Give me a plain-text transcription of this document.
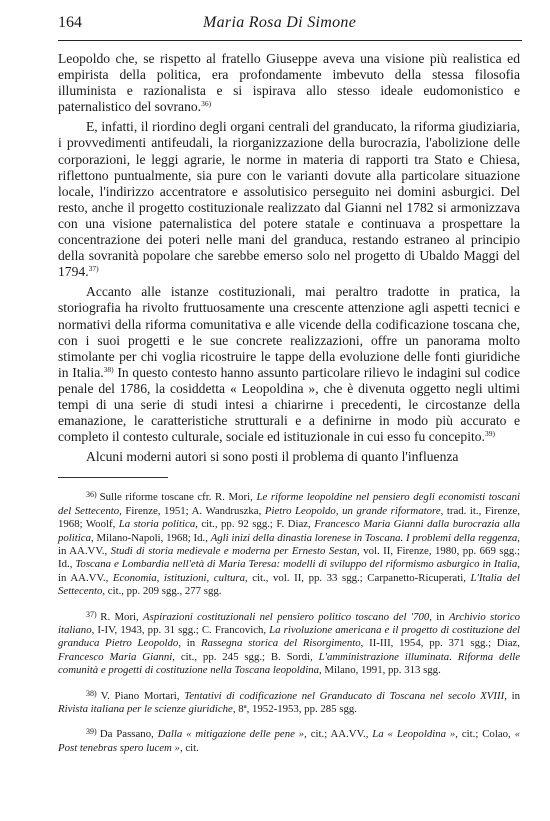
164	Maria Rosa Di Simone

Leopoldo che, se rispetto al fratello Giuseppe aveva una visione più realistica ed empirista della politica, era profondamente imbevuto della stessa filosofia illuminista e razionalista e si ispirava allo stesso ideale eudomonistico e paternalistico del sovrano.$^{36)}$

E, infatti, il riordino degli organi centrali del granducato, la riforma giudiziaria, i provvedimenti antifeudali, la riorganizzazione della burocrazia, l'abolizione delle corporazioni, le leggi agrarie, le norme in materia di rapporti tra Stato e Chiesa, riflettono puntualmente, sia pure con le varianti dovute alla particolare situazione locale, l'indirizzo accentratore e assolutisico perseguito nei domini asburgici. Del resto, anche il progetto costituzionale realizzato dal Gianni nel 1782 si armonizzava con una visione paternalistica del potere statale e continuava a prospettare la concentrazione dei poteri nelle mani del granduca, restando estraneo al principio della sovranità popolare che sarebbe emerso solo nel progetto di Ubaldo Maggi del 1794.$^{37)}$

Accanto alle istanze costituzionali, mai peraltro tradotte in pratica, la storiografia ha rivolto fruttuosamente una crescente attenzione agli aspetti tecnici e normativi della riforma comunitativa e alle vicende della codificazione toscana che, con i suoi progetti e le sue concrete realizzazioni, offre un panorama molto stimolante per chi voglia ricostruire le tappe della evoluzione delle fonti giuridiche in Italia.$^{38)}$ In questo contesto hanno assunto particolare rilievo le indagini sul codice penale del 1786, la cosiddetta « Leopoldina », che è divenuta oggetto negli ultimi tempi di una serie di studi intesi a chiarirne i precedenti, le circostanze della emanazione, le caratteristiche strutturali e a definirne in modo più accurato e completo il contesto culturale, sociale ed istituzionale in cui esso fu concepito.$^{39)}$

Alcuni moderni autori si sono posti il problema di quanto l'influenza

$^{36)}$ Sulle riforme toscane cfr. R. Mori, Le riforme leopoldine nel pensiero degli economisti toscani del Settecento, Firenze, 1951; A. Wandruszka, Pietro Leopoldo, un grande riformatore, trad. it., Firenze, 1968; Woolf, La storia politica, cit., pp. 92 sgg.; F. Diaz, Francesco Maria Gianni dalla burocrazia alla politica, Milano-Napoli, 1968; Id., Agli inizi della dinastia lorenese in Toscana. I problemi della reggenza, in AA.VV., Studi di storia medievale e moderna per Ernesto Sestan, vol. II, Firenze, 1980, pp. 669 sgg.; Id., Toscana e Lombardia nell'età di Maria Teresa: modelli di sviluppo del riformismo asburgico in Italia, in AA.VV., Economia, istituzioni, cultura, cit., vol. II, pp. 33 sgg.; Carpanetto-Ricuperati, L'Italia del Settecento, cit., pp. 209 sgg., 277 sgg.

$^{37)}$ R. Mori, Aspirazioni costituzionali nel pensiero politico toscano del '700, in Archivio storico italiano, I-IV, 1943, pp. 31 sgg.; C. Francovich, La rivoluzione americana e il progetto di costituzione del granduca Pietro Leopoldo, in Rassegna storica del Risorgimento, II-III, 1954, pp. 371 sgg.; Diaz, Francesco Maria Gianni, cit., pp. 245 sgg.; B. Sordi, L'amministrazione illuminata. Riforma delle comunità e progetti di costituzione nella Toscana leopoldina, Milano, 1991, pp. 313 sgg.

$^{38)}$ V. Piano Mortari, Tentativi di codificazione nel Granducato di Toscana nel secolo XVIII, in Rivista italiana per le scienze giuridiche, 8ª, 1952-1953, pp. 285 sgg.

$^{39)}$ Da Passano, Dalla « mitigazione delle pene », cit.; AA.VV., La « Leopoldina », cit.; Colao, « Post tenebras spero lucem », cit.
